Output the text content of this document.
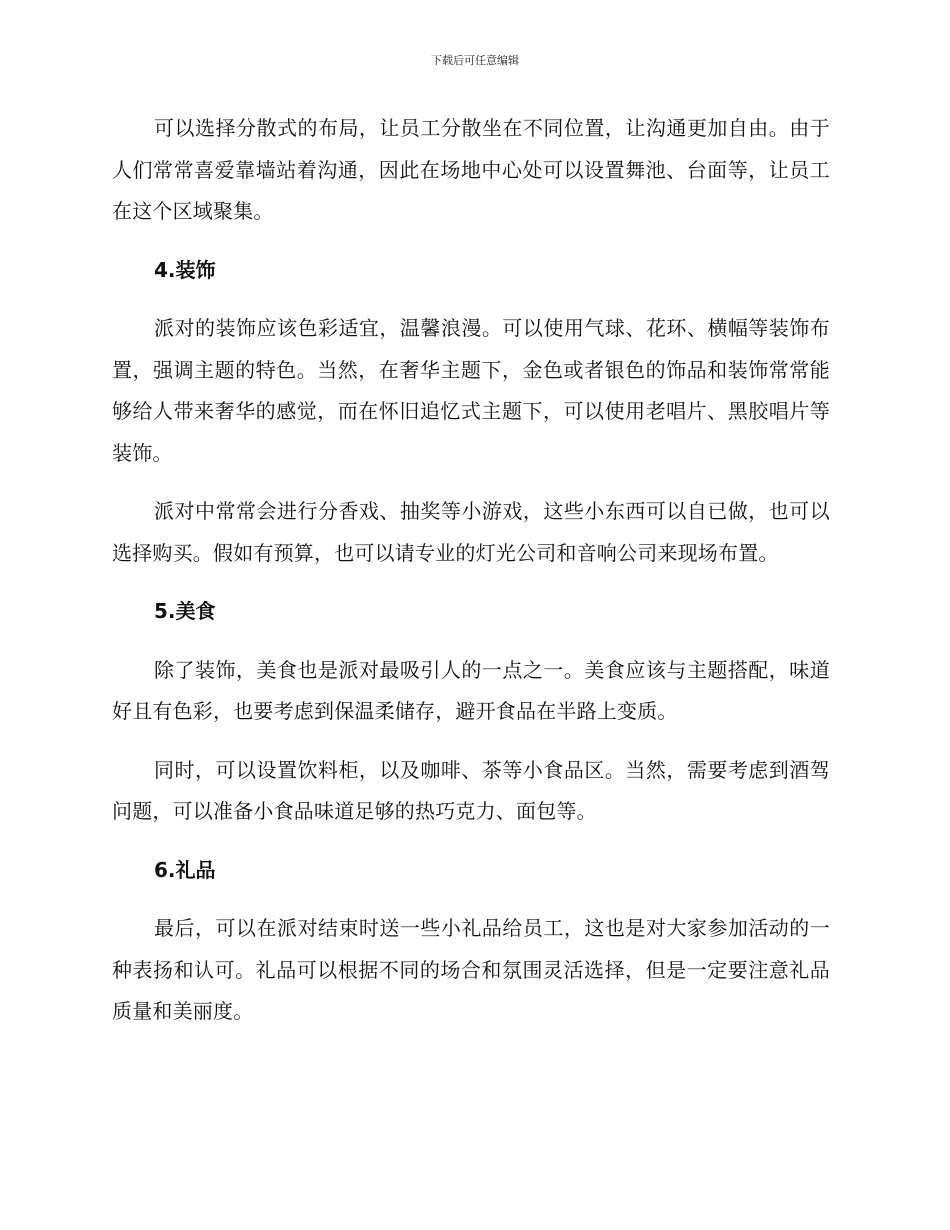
下载后可任意编辑

可以选择分散式的布局，让员工分散坐在不同位置，让沟通更加自由。由于人们常常喜爱靠墙站着沟通，因此在场地中心处可以设置舞池、台面等，让员工在这个区域聚集。

4.装饰

派对的装饰应该色彩适宜，温馨浪漫。可以使用气球、花环、横幅等装饰布置，强调主题的特色。当然，在奢华主题下，金色或者银色的饰品和装饰常常能够给人带来奢华的感觉，而在怀旧追忆式主题下，可以使用老唱片、黑胶唱片等装饰。

派对中常常会进行分香戏、抽奖等小游戏，这些小东西可以自已做，也可以选择购买。假如有预算，也可以请专业的灯光公司和音响公司来现场布置。

5.美食

除了装饰，美食也是派对最吸引人的一点之一。美食应该与主题搭配，味道好且有色彩，也要考虑到保温柔储存，避开食品在半路上变质。

同时，可以设置饮料柜，以及咖啡、茶等小食品区。当然，需要考虑到酒驾问题，可以准备小食品味道足够的热巧克力、面包等。

6.礼品

最后，可以在派对结束时送一些小礼品给员工，这也是对大家参加活动的一种表扬和认可。礼品可以根据不同的场合和氛围灵活选择，但是一定要注意礼品质量和美丽度。
